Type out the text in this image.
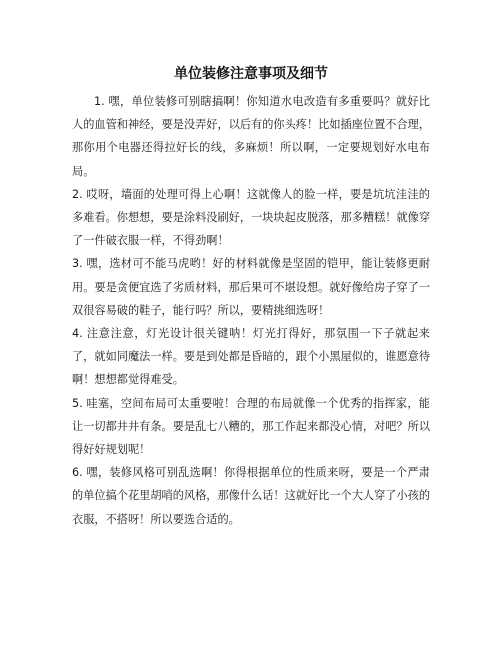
单位装修注意事项及细节

1. 嘿，单位装修可别瞎搞啊！你知道水电改造有多重要吗？就好比人的血管和神经，要是没弄好，以后有的你头疼！比如插座位置不合理，那你用个电器还得拉好长的线，多麻烦！所以啊，一定要规划好水电布局。

2. 哎呀，墙面的处理可得上心啊！这就像人的脸一样，要是坑坑洼洼的多难看。你想想，要是涂料没刷好，一块块起皮脱落，那多糟糕！就像穿了一件破衣服一样，不得劲啊！

3. 嘿，选材可不能马虎哟！好的材料就像是坚固的铠甲，能让装修更耐用。要是贪便宜选了劣质材料，那后果可不堪设想。就好像给房子穿了一双很容易破的鞋子，能行吗？所以，要精挑细选呀！

4. 注意注意，灯光设计很关键呐！灯光打得好，那氛围一下子就起来了，就如同魔法一样。要是到处都是昏暗的，跟个小黑屋似的，谁愿意待啊！想想都觉得难受。

5. 哇塞，空间布局可太重要啦！合理的布局就像一个优秀的指挥家，能让一切都井井有条。要是乱七八糟的，那工作起来都没心情，对吧？所以得好好规划呢！

6. 嘿，装修风格可别乱选啊！你得根据单位的性质来呀，要是一个严肃的单位搞个花里胡哨的风格，那像什么话！这就好比一个大人穿了小孩的衣服，不搭呀！所以要选合适的。
